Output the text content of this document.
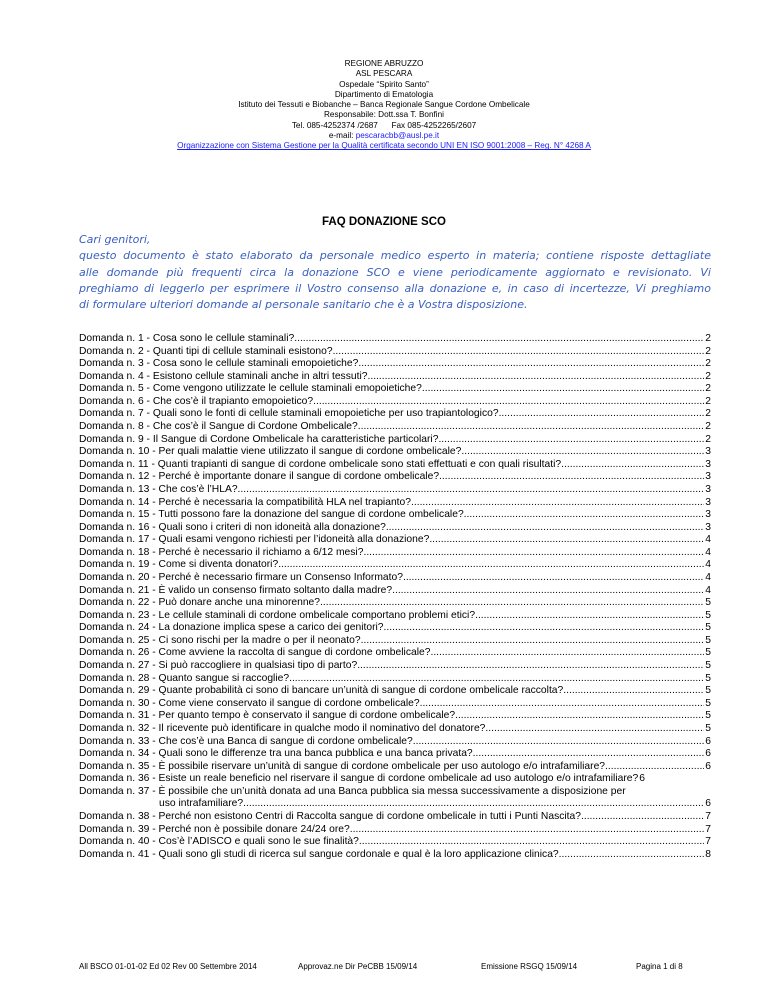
REGIONE ABRUZZO
ASL PESCARA
Ospedale “Spirito Santo”
Dipartimento di Ematologia
Istituto dei Tessuti e Biobanche – Banca Regionale Sangue Cordone Ombelicale
Responsabile: Dott.ssa T. Bonfini
Tel. 085-4252374 /2687      Fax 085-4252265/2607
e-mail: pescaracbb@ausl.pe.it
Organizzazione con Sistema Gestione per la Qualità certificata secondo UNI EN ISO 9001:2008 – Reg. N° 4268 A
FAQ DONAZIONE SCO
Cari genitori,
questo documento è stato elaborato da personale medico esperto in materia; contiene risposte dettagliate
alle domande più frequenti circa la donazione SCO e viene periodicamente aggiornato e revisionato. Vi
preghiamo di leggerlo per esprimere il Vostro consenso alla donazione e, in caso di incertezze, Vi preghiamo
di formulare ulteriori domande al personale sanitario che è a Vostra disposizione.
Domanda n. 1 - Cosa sono le cellule staminali? .....	2
Domanda n. 2 - Quanti tipi di cellule staminali esistono? .....	2
Domanda n. 3 - Cosa sono le cellule staminali emopoietiche? .....	2
Domanda n. 4 - Esistono cellule staminali anche in altri tessuti? .....	2
Domanda n. 5 - Come vengono utilizzate le cellule staminali emopoietiche? .....	2
Domanda n. 6 - Che cos’è il trapianto emopoietico? .....	2
Domanda n. 7 - Quali sono le fonti di cellule staminali emopoietiche per uso trapiantologico? .....	2
Domanda n. 8 - Che cos’è il Sangue di Cordone Ombelicale? .....	2
Domanda n. 9 - Il Sangue di Cordone Ombelicale ha caratteristiche particolari? .....	2
Domanda n. 10 - Per quali malattie viene utilizzato il sangue di cordone ombelicale? .....	3
Domanda n. 11 - Quanti trapianti di sangue di cordone ombelicale sono stati effettuati e con quali risultati? .....	3
Domanda n. 12 - Perché è importante donare il sangue di cordone ombelicale? .....	3
Domanda n. 13 - Che cos’è l’HLA? .....	3
Domanda n. 14 - Perché è necessaria la compatibilità HLA nel trapianto? .....	3
Domanda n. 15 - Tutti possono fare la donazione del sangue di cordone ombelicale? .....	3
Domanda n. 16 - Quali sono i criteri di non idoneità alla donazione? .....	3
Domanda n. 17 - Quali esami vengono richiesti per l’idoneità alla donazione? .....	4
Domanda n. 18 - Perché è necessario il richiamo a 6/12 mesi? .....	4
Domanda n. 19 - Come si diventa donatori? .....	4
Domanda n. 20 - Perché è necessario firmare un Consenso Informato? .....	4
Domanda n. 21 - È valido un consenso firmato soltanto dalla madre? .....	4
Domanda n. 22 - Può donare anche una minorenne? .....	5
Domanda n. 23 - Le cellule staminali di cordone ombelicale comportano problemi etici? .....	5
Domanda n. 24 - La donazione implica spese a carico dei genitori? .....	5
Domanda n. 25 - Ci sono rischi per la madre o per il neonato? .....	5
Domanda n. 26 - Come avviene la raccolta di sangue di cordone ombelicale? .....	5
Domanda n. 27 - Si può raccogliere in qualsiasi tipo di parto? .....	5
Domanda n. 28 - Quanto sangue si raccoglie? .....	5
Domanda n. 29 - Quante probabilità ci sono di bancare un’unità di sangue di cordone ombelicale raccolta? .....	5
Domanda n. 30 - Come viene conservato il sangue di cordone ombelicale? .....	5
Domanda n. 31 - Per quanto tempo è conservato il sangue di cordone ombelicale? .....	5
Domanda n. 32 - Il ricevente può identificare in qualche modo il nominativo del donatore? .....	5
Domanda n. 33 - Che cos’è una Banca di sangue di cordone ombelicale? .....	6
Domanda n. 34 - Quali sono le differenze tra una banca pubblica e una banca privata? .....	6
Domanda n. 35 - È possibile riservare un’unità di sangue di cordone ombelicale per uso autologo e/o intrafamiliare? .....	6
Domanda n. 36 - Esiste un reale beneficio nel riservare il sangue di cordone ombelicale ad uso autologo e/o intrafamiliare? 6
Domanda n. 37 - È possibile che un’unità donata ad una Banca pubblica sia messa successivamente a disposizione per
uso intrafamiliare? .....	6
Domanda n. 38 - Perché non esistono Centri di Raccolta sangue di cordone ombelicale in tutti i Punti Nascita? .....	7
Domanda n. 39 - Perché non è possibile donare 24/24 ore? .....	7
Domanda n. 40 - Cos’è l’ADISCO e quali sono le sue finalità? .....	7
Domanda n. 41 - Quali sono gli studi di ricerca sul sangue cordonale e qual è la loro applicazione clinica? .....	8
All BSCO 01-01-02 Ed 02 Rev 00 Settembre 2014	Approvaz.ne Dir PeCBB 15/09/14	Emissione RSGQ 15/09/14	Pagina 1 di 8
